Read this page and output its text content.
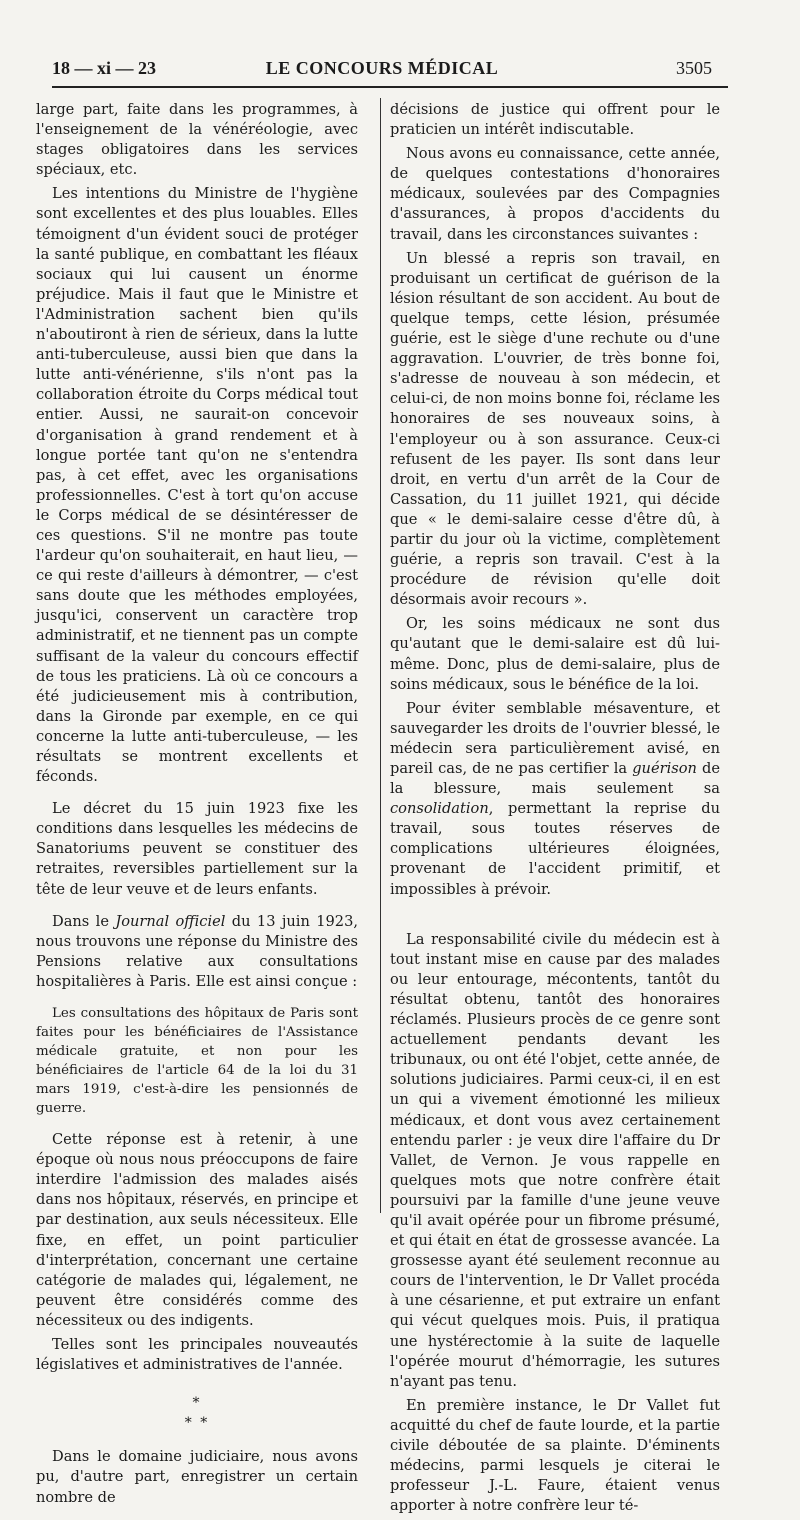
18 — xi — 23	LE CONCOURS MÉDICAL	3505

large part, faite dans les programmes, à l'enseignement de la vénéréologie, avec stages obligatoires dans les services spéciaux, etc.

Les intentions du Ministre de l'hygiène sont excellentes et des plus louables. Elles témoignent d'un évident souci de protéger la santé publique, en combattant les fléaux sociaux qui lui causent un énorme préjudice. Mais il faut que le Ministre et l'Administration sachent bien qu'ils n'aboutiront à rien de sérieux, dans la lutte anti-tuberculeuse, aussi bien que dans la lutte anti-vénérienne, s'ils n'ont pas la collaboration étroite du Corps médical tout entier. Aussi, ne saurait-on concevoir d'organisation à grand rendement et à longue portée tant qu'on ne s'entendra pas, à cet effet, avec les organisations professionnelles. C'est à tort qu'on accuse le Corps médical de se désintéresser de ces questions. S'il ne montre pas toute l'ardeur qu'on souhaiterait, en haut lieu, — ce qui reste d'ailleurs à démontrer, — c'est sans doute que les méthodes employées, jusqu'ici, conservent un caractère trop administratif, et ne tiennent pas un compte suffisant de la valeur du concours effectif de tous les praticiens. Là où ce concours a été judicieusement mis à contribution, dans la Gironde par exemple, en ce qui concerne la lutte anti-tuberculeuse, — les résultats se montrent excellents et féconds.

Le décret du 15 juin 1923 fixe les conditions dans lesquelles les médecins de Sanatoriums peuvent se constituer des retraites, reversibles partiellement sur la tête de leur veuve et de leurs enfants.

Dans le Journal officiel du 13 juin 1923, nous trouvons une réponse du Ministre des Pensions relative aux consultations hospitalières à Paris. Elle est ainsi conçue :

Les consultations des hôpitaux de Paris sont faites pour les bénéficiaires de l'Assistance médicale gratuite, et non pour les bénéficiaires de l'article 64 de la loi du 31 mars 1919, c'est-à-dire les pensionnés de guerre.

Cette réponse est à retenir, à une époque où nous nous préoccupons de faire interdire l'admission des malades aisés dans nos hôpitaux, réservés, en principe et par destination, aux seuls nécessiteux. Elle fixe, en effet, un point particulier d'interprétation, concernant une certaine catégorie de malades qui, légalement, ne peuvent être considérés comme des nécessiteux ou des indigents.

Telles sont les principales nouveautés législatives et administratives de l'année.

*
* *

Dans le domaine judiciaire, nous avons pu, d'autre part, enregistrer un certain nombre de

décisions de justice qui offrent pour le praticien un intérêt indiscutable.

Nous avons eu connaissance, cette année, de quelques contestations d'honoraires médicaux, soulevées par des Compagnies d'assurances, à propos d'accidents du travail, dans les circonstances suivantes :

Un blessé a repris son travail, en produisant un certificat de guérison de la lésion résultant de son accident. Au bout de quelque temps, cette lésion, présumée guérie, est le siège d'une rechute ou d'une aggravation. L'ouvrier, de très bonne foi, s'adresse de nouveau à son médecin, et celui-ci, de non moins bonne foi, réclame les honoraires de ses nouveaux soins, à l'employeur ou à son assurance. Ceux-ci refusent de les payer. Ils sont dans leur droit, en vertu d'un arrêt de la Cour de Cassation, du 11 juillet 1921, qui décide que « le demi-salaire cesse d'être dû, à partir du jour où la victime, complètement guérie, a repris son travail. C'est à la procédure de révision qu'elle doit désormais avoir recours ».

Or, les soins médicaux ne sont dus qu'autant que le demi-salaire est dû lui-même. Donc, plus de demi-salaire, plus de soins médicaux, sous le bénéfice de la loi.

Pour éviter semblable mésaventure, et sauvegarder les droits de l'ouvrier blessé, le médecin sera particulièrement avisé, en pareil cas, de ne pas certifier la guérison de la blessure, mais seulement sa consolidation, permettant la reprise du travail, sous toutes réserves de complications ultérieures éloignées, provenant de l'accident primitif, et impossibles à prévoir.

La responsabilité civile du médecin est à tout instant mise en cause par des malades ou leur entourage, mécontents, tantôt du résultat obtenu, tantôt des honoraires réclamés. Plusieurs procès de ce genre sont actuellement pendants devant les tribunaux, ou ont été l'objet, cette année, de solutions judiciaires. Parmi ceux-ci, il en est un qui a vivement émotionné les milieux médicaux, et dont vous avez certainement entendu parler : je veux dire l'affaire du Dr Vallet, de Vernon. Je vous rappelle en quelques mots que notre confrère était poursuivi par la famille d'une jeune veuve qu'il avait opérée pour un fibrome présumé, et qui était en état de grossesse avancée. La grossesse ayant été seulement reconnue au cours de l'intervention, le Dr Vallet procéda à une césarienne, et put extraire un enfant qui vécut quelques mois. Puis, il pratiqua une hystérectomie à la suite de laquelle l'opérée mourut d'hémorragie, les sutures n'ayant pas tenu.

En première instance, le Dr Vallet fut acquitté du chef de faute lourde, et la partie civile déboutée de sa plainte. D'éminents médecins, parmi lesquels je citerai le professeur J.-L. Faure, étaient venus apporter à notre confrère leur té-
